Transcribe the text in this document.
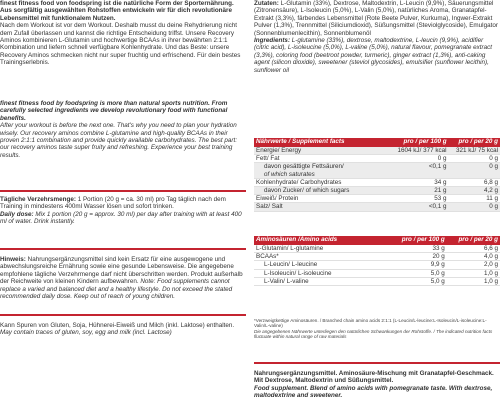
finest fitness food von foodspring ist die natürliche Form der Sporternährung. Aus sorgfältig ausgewählten Rohstoffen entwickeln wir für dich revolutionäre Lebensmittel mit funktionalem Nutzen.

Nach dem Workout ist vor dem Workout. Deshalb musst du deine Rehydrierung nicht dem Zufall überlassen und kannst die richtige Entscheidung triffst. Unsere Recovery Aminos kombinieren L-Glutamin und hochwertige BCAAs in ihrer bewährten 2:1:1 Kombination und liefern schnell verfügbare Kohlenhydrate. Und das Beste: unsere Recovery Aminos schmecken nicht nur super fruchtig und erfrischend. Für dein bestes Trainingserlebnis.

finest fitness food by foodspring is more than natural sports nutrition. From carefully selected ingredients we develop revolutionary food with functional benefits.

After your workout is before the next one. That's why you need to plan your hydration wisely. Our recovery aminos combine L-glutamine and high-quality BCAAs in their proven 2:1:1 combination and provide quickly available carbohydrates. The best part: our recovery aminos taste super fruity and refreshing. Experience your best training results.

Tägliche Verzehrsmenge: 1 Portion (20 g = ca. 30 ml) pro Tag täglich nach dem Training in mindestens 400ml Wasser lösen und sofort trinken.

Daily dose: Mix 1 portion (20 g = approx. 30 ml) per day after training with at least 400 ml of water. Drink instantly.

Hinweis: Nahrungsergänzungsmittel sind kein Ersatz für eine ausgewogene und abwechslungsreiche Ernährung sowie eine gesunde Lebensweise. Die angegebene empfohlene tägliche Verzehrmenge darf nicht überschritten werden. Produkt außerhalb der Reichweite von kleinen Kindern aufbewahren. Note: Food supplements cannot replace a varied and balanced diet and a healthy lifestyle. Do not exceed the stated recommended daily dose. Keep out of reach of young children.

Kann Spuren von Gluten, Soja, Hühnerei-Eiweiß und Milch (inkl. Laktose) enthalten.

May contain traces of gluten, soy, egg and milk (incl. Lactose)

Zutaten: L-Glutamin (33%), Dextrose, Maltodextrin, L-Leucin (9,9%), Säuerungsmittel (Zitronensäure), L-Isoleucin (5,0%), L-Valin (5,0%), natürliches Aroma, Granatapfel-Extrakt (3,3%), färbendes Lebensmittel (Rote Beete Pulver, Kurkuma), Ingwer-Extrakt Pulver (1,3%), Trennmittel (Siliciumdioxid), Süßungsmittel (Steviolglycoside), Emulgator (Sonnenblumenlecithin), Sonnenblumenöl

Ingredients: L-glutamine (33%), dextrose, maltodextrine, L-leucin (9,9%), acidifier (citric acid), L-isoleucine (5,0%), L-valine (5,0%), natural flavour, pomegranate extract (3,3%), coloring food (beetroot powder, turmeric), ginger extract (1,3%), anti-caking agent (silicon dioxide), sweetener (steviol glycosides), emulsifier (sunflower lecithin), sunflower oil

Nährwerte / Supplement facts	pro / per 100 g	pro / per 20 g
Energie/ Energy	1604 kJ/ 377 kcal	321 kJ/ 75 kcal
Fett/ Fat	0 g	0 g
davon gesättigte Fettsäuren/
of which saturates	<0,1 g	0 g
Kohlenhydrate/ Carbohydrates	34 g	6,8 g
davon Zucker/ of which sugars	21 g	4,2 g
Eiweiß/ Protein	53 g	11 g
Salz/ Salt	<0,1 g	0 g
Aminosäuren /Amino acids	pro / per 100 g	pro / per 20 g
L-Glutamin/ L-glutamine	33 g	6,6 g
BCAAs*	20 g	4,0 g
L-Leucin/ L-leucine	9,9 g	2,0 g
L-Isoleucin/ L-isoleucine	5,0 g	1,0 g
L-Valin/ L-valine	5,0 g	1,0 g

*Verzweigtkettige Aminosäuren. / Branched chain amino acids 2:1:1 (L-Leucin/L-leucine:L-Isoleucin/L-isoleucine:L-Valin/L-valine)

Die angegebenen Nährwerte unterliegen den natürlichen Schwankungen der Rohstoffe. / The indicated nutrition facts fluctuate within natural range of raw materials

Nahrungsergänzungsmittel. Aminosäure-Mischung mit Granatapfel-Geschmack. Mit Dextrose, Maltodextrin und Süßungsmittel.

Food supplement. Blend of amino acids with pomegranate taste. With dextrose, maltodextrine and sweetener.
